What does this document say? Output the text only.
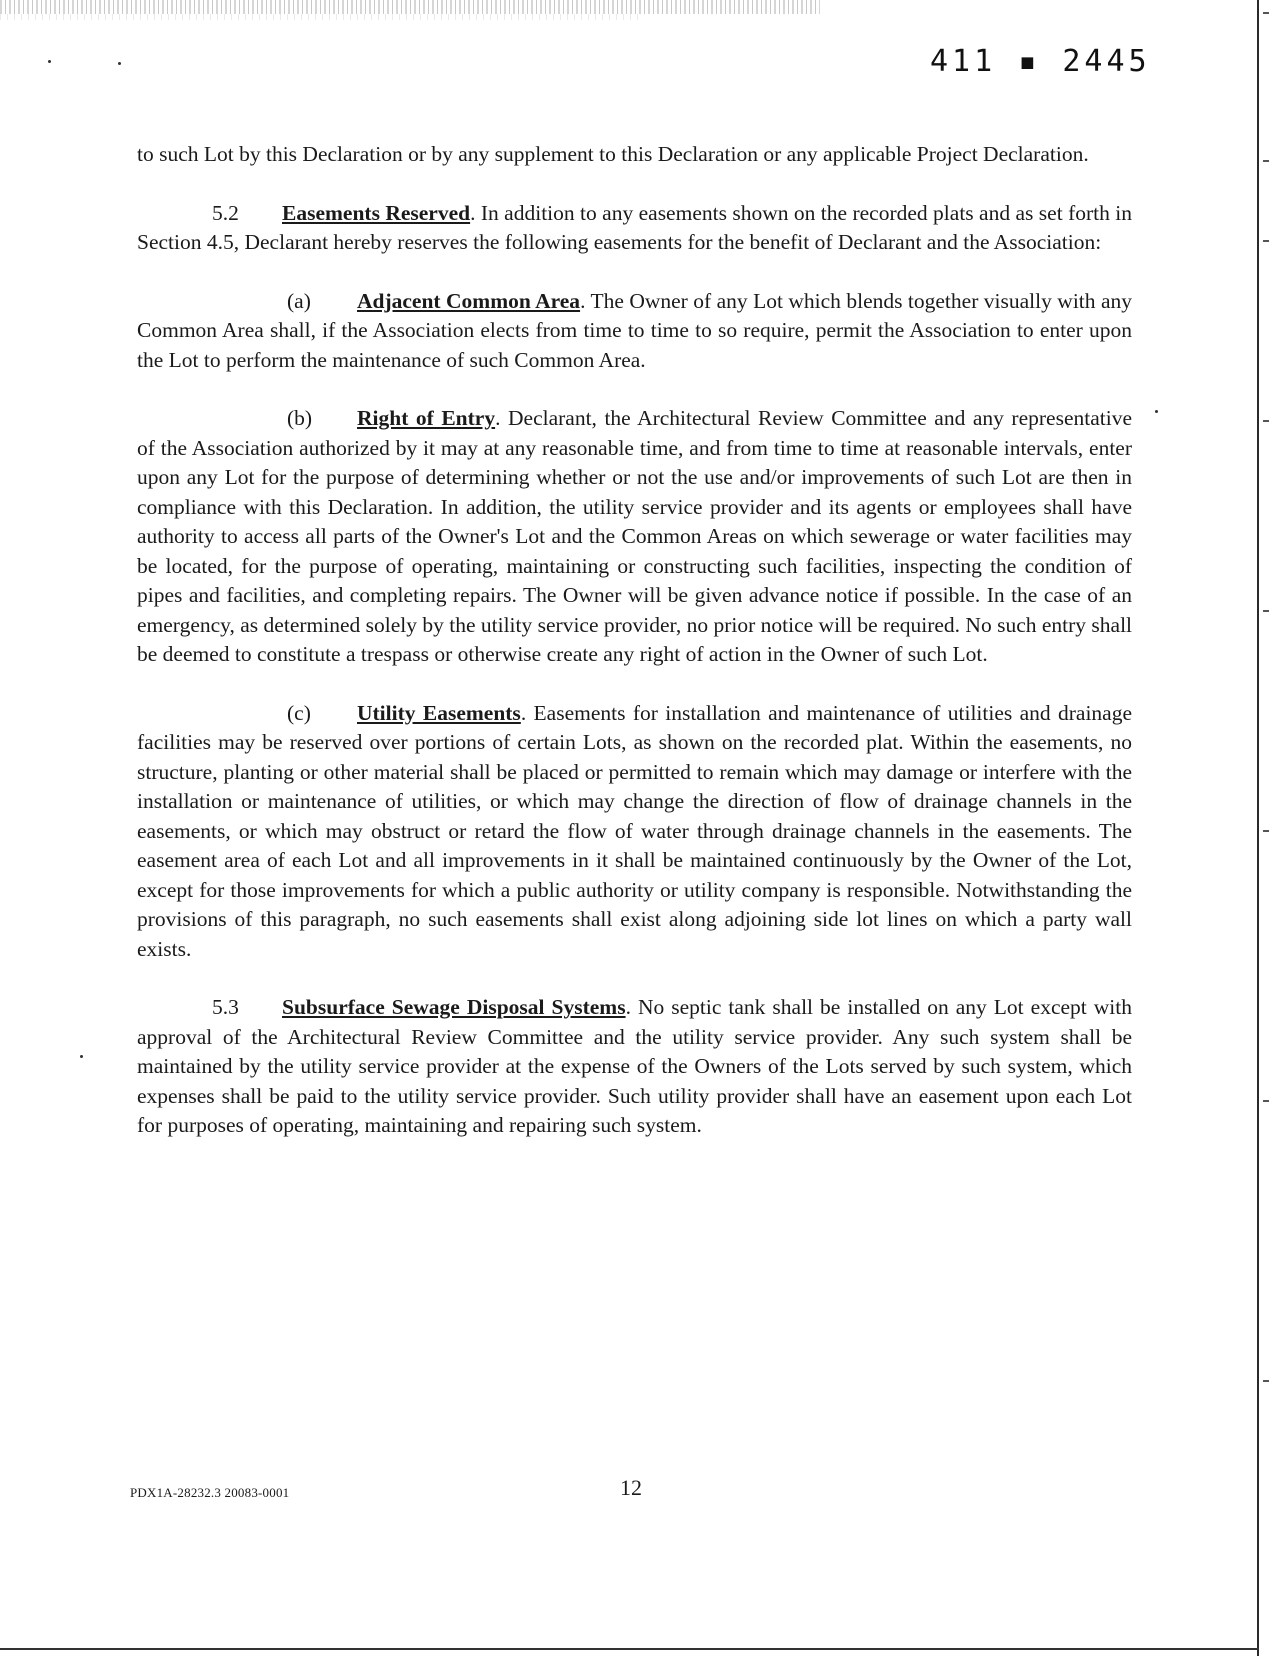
411 ▪ 2445

to such Lot by this Declaration or by any supplement to this Declaration or any applicable Project Declaration.

5.2 Easements Reserved. In addition to any easements shown on the recorded plats and as set forth in Section 4.5, Declarant hereby reserves the following easements for the benefit of Declarant and the Association:

(a) Adjacent Common Area. The Owner of any Lot which blends together visually with any Common Area shall, if the Association elects from time to time to so require, permit the Association to enter upon the Lot to perform the maintenance of such Common Area.

(b) Right of Entry. Declarant, the Architectural Review Committee and any representative of the Association authorized by it may at any reasonable time, and from time to time at reasonable intervals, enter upon any Lot for the purpose of determining whether or not the use and/or improvements of such Lot are then in compliance with this Declaration. In addition, the utility service provider and its agents or employees shall have authority to access all parts of the Owner's Lot and the Common Areas on which sewerage or water facilities may be located, for the purpose of operating, maintaining or constructing such facilities, inspecting the condition of pipes and facilities, and completing repairs. The Owner will be given advance notice if possible. In the case of an emergency, as determined solely by the utility service provider, no prior notice will be required. No such entry shall be deemed to constitute a trespass or otherwise create any right of action in the Owner of such Lot.

(c) Utility Easements. Easements for installation and maintenance of utilities and drainage facilities may be reserved over portions of certain Lots, as shown on the recorded plat. Within the easements, no structure, planting or other material shall be placed or permitted to remain which may damage or interfere with the installation or maintenance of utilities, or which may change the direction of flow of drainage channels in the easements, or which may obstruct or retard the flow of water through drainage channels in the easements. The easement area of each Lot and all improvements in it shall be maintained continuously by the Owner of the Lot, except for those improvements for which a public authority or utility company is responsible. Notwithstanding the provisions of this paragraph, no such easements shall exist along adjoining side lot lines on which a party wall exists.

5.3 Subsurface Sewage Disposal Systems. No septic tank shall be installed on any Lot except with approval of the Architectural Review Committee and the utility service provider. Any such system shall be maintained by the utility service provider at the expense of the Owners of the Lots served by such system, which expenses shall be paid to the utility service provider. Such utility provider shall have an easement upon each Lot for purposes of operating, maintaining and repairing such system.

PDX1A-28232.3 20083-0001	12
